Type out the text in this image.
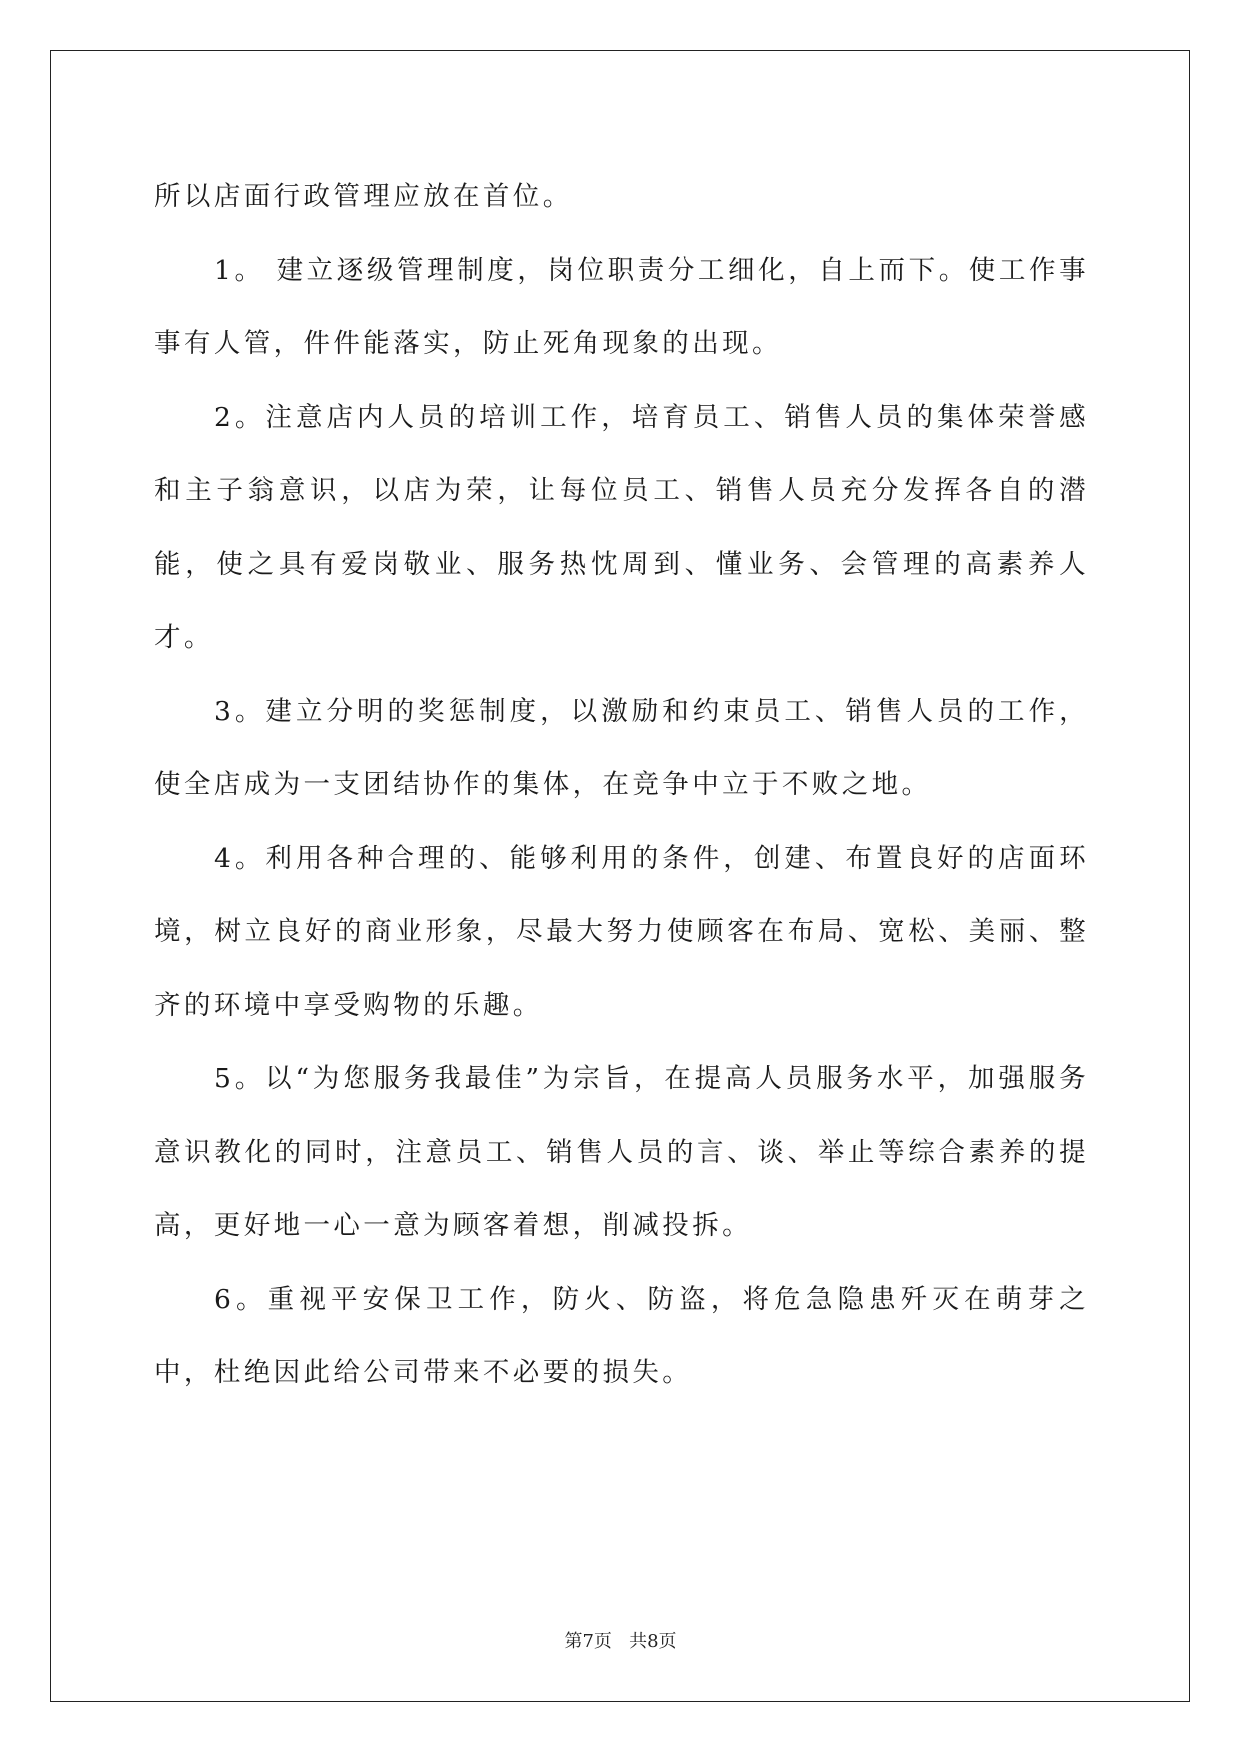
所以店面行政管理应放在首位。

1。 建立逐级管理制度，岗位职责分工细化，自上而下。使工作事事有人管，件件能落实，防止死角现象的出现。

2。注意店内人员的培训工作，培育员工、销售人员的集体荣誉感和主子翁意识，以店为荣，让每位员工、销售人员充分发挥各自的潜能，使之具有爱岗敬业、服务热忱周到、懂业务、会管理的高素养人才。

3。建立分明的奖惩制度，以激励和约束员工、销售人员的工作，使全店成为一支团结协作的集体，在竞争中立于不败之地。

4。利用各种合理的、能够利用的条件，创建、布置良好的店面环境，树立良好的商业形象，尽最大努力使顾客在布局、宽松、美丽、整齐的环境中享受购物的乐趣。

5。以“为您服务我最佳”为宗旨，在提高人员服务水平，加强服务意识教化的同时，注意员工、销售人员的言、谈、举止等综合素养的提高，更好地一心一意为顾客着想，削减投拆。

6。重视平安保卫工作，防火、防盗，将危急隐患歼灭在萌芽之中，杜绝因此给公司带来不必要的损失。

第7页 共8页
